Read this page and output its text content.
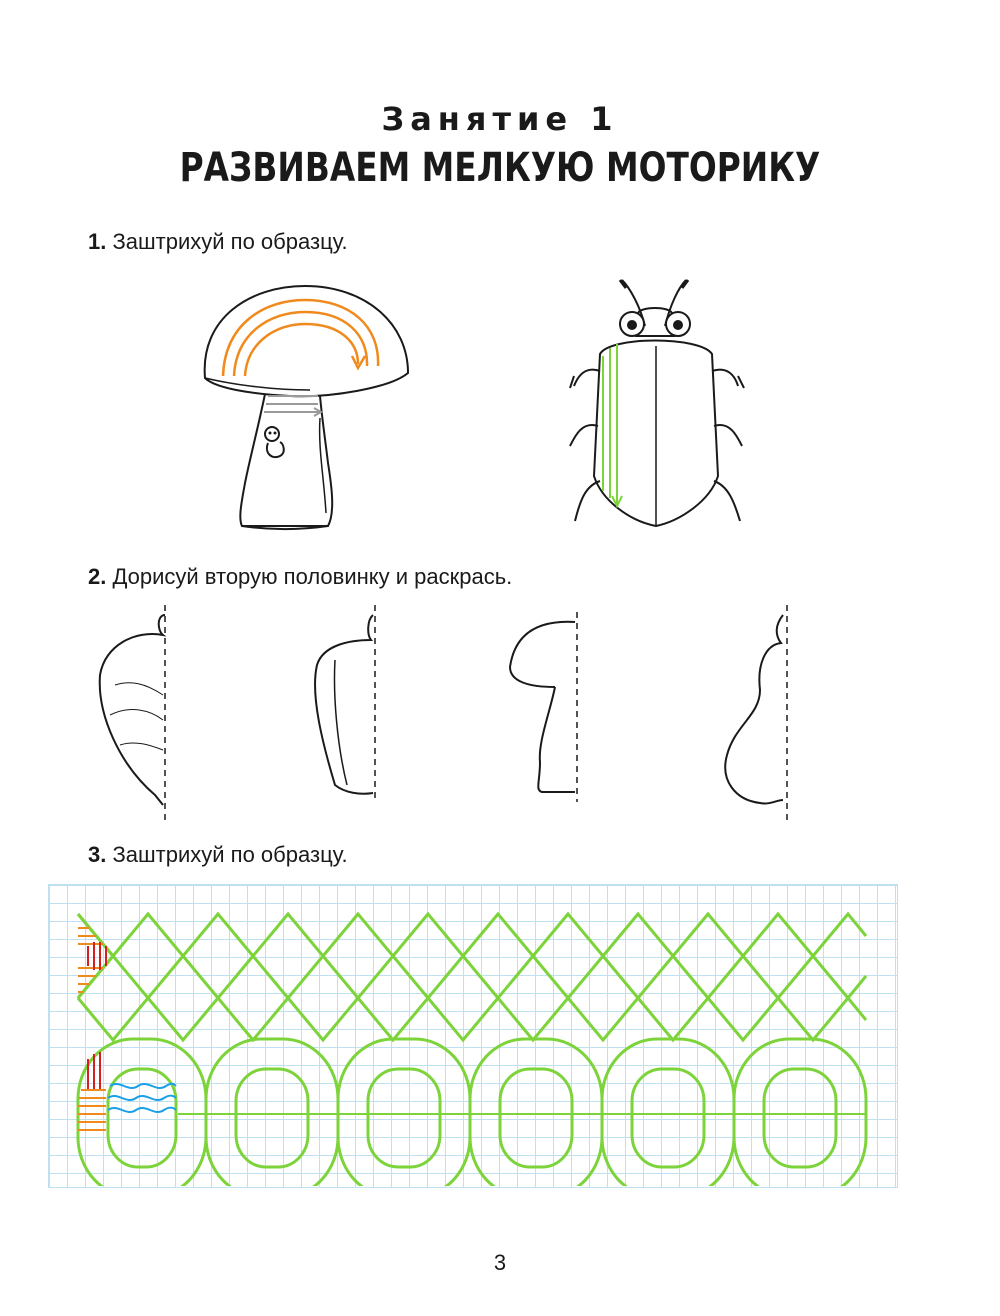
Занятие 1
РАЗВИВАЕМ МЕЛКУЮ МОТОРИКУ
1. Заштрихуй по образцу.
2. Дорисуй вторую половинку и раскрась.
3. Заштрихуй по образцу.
3
